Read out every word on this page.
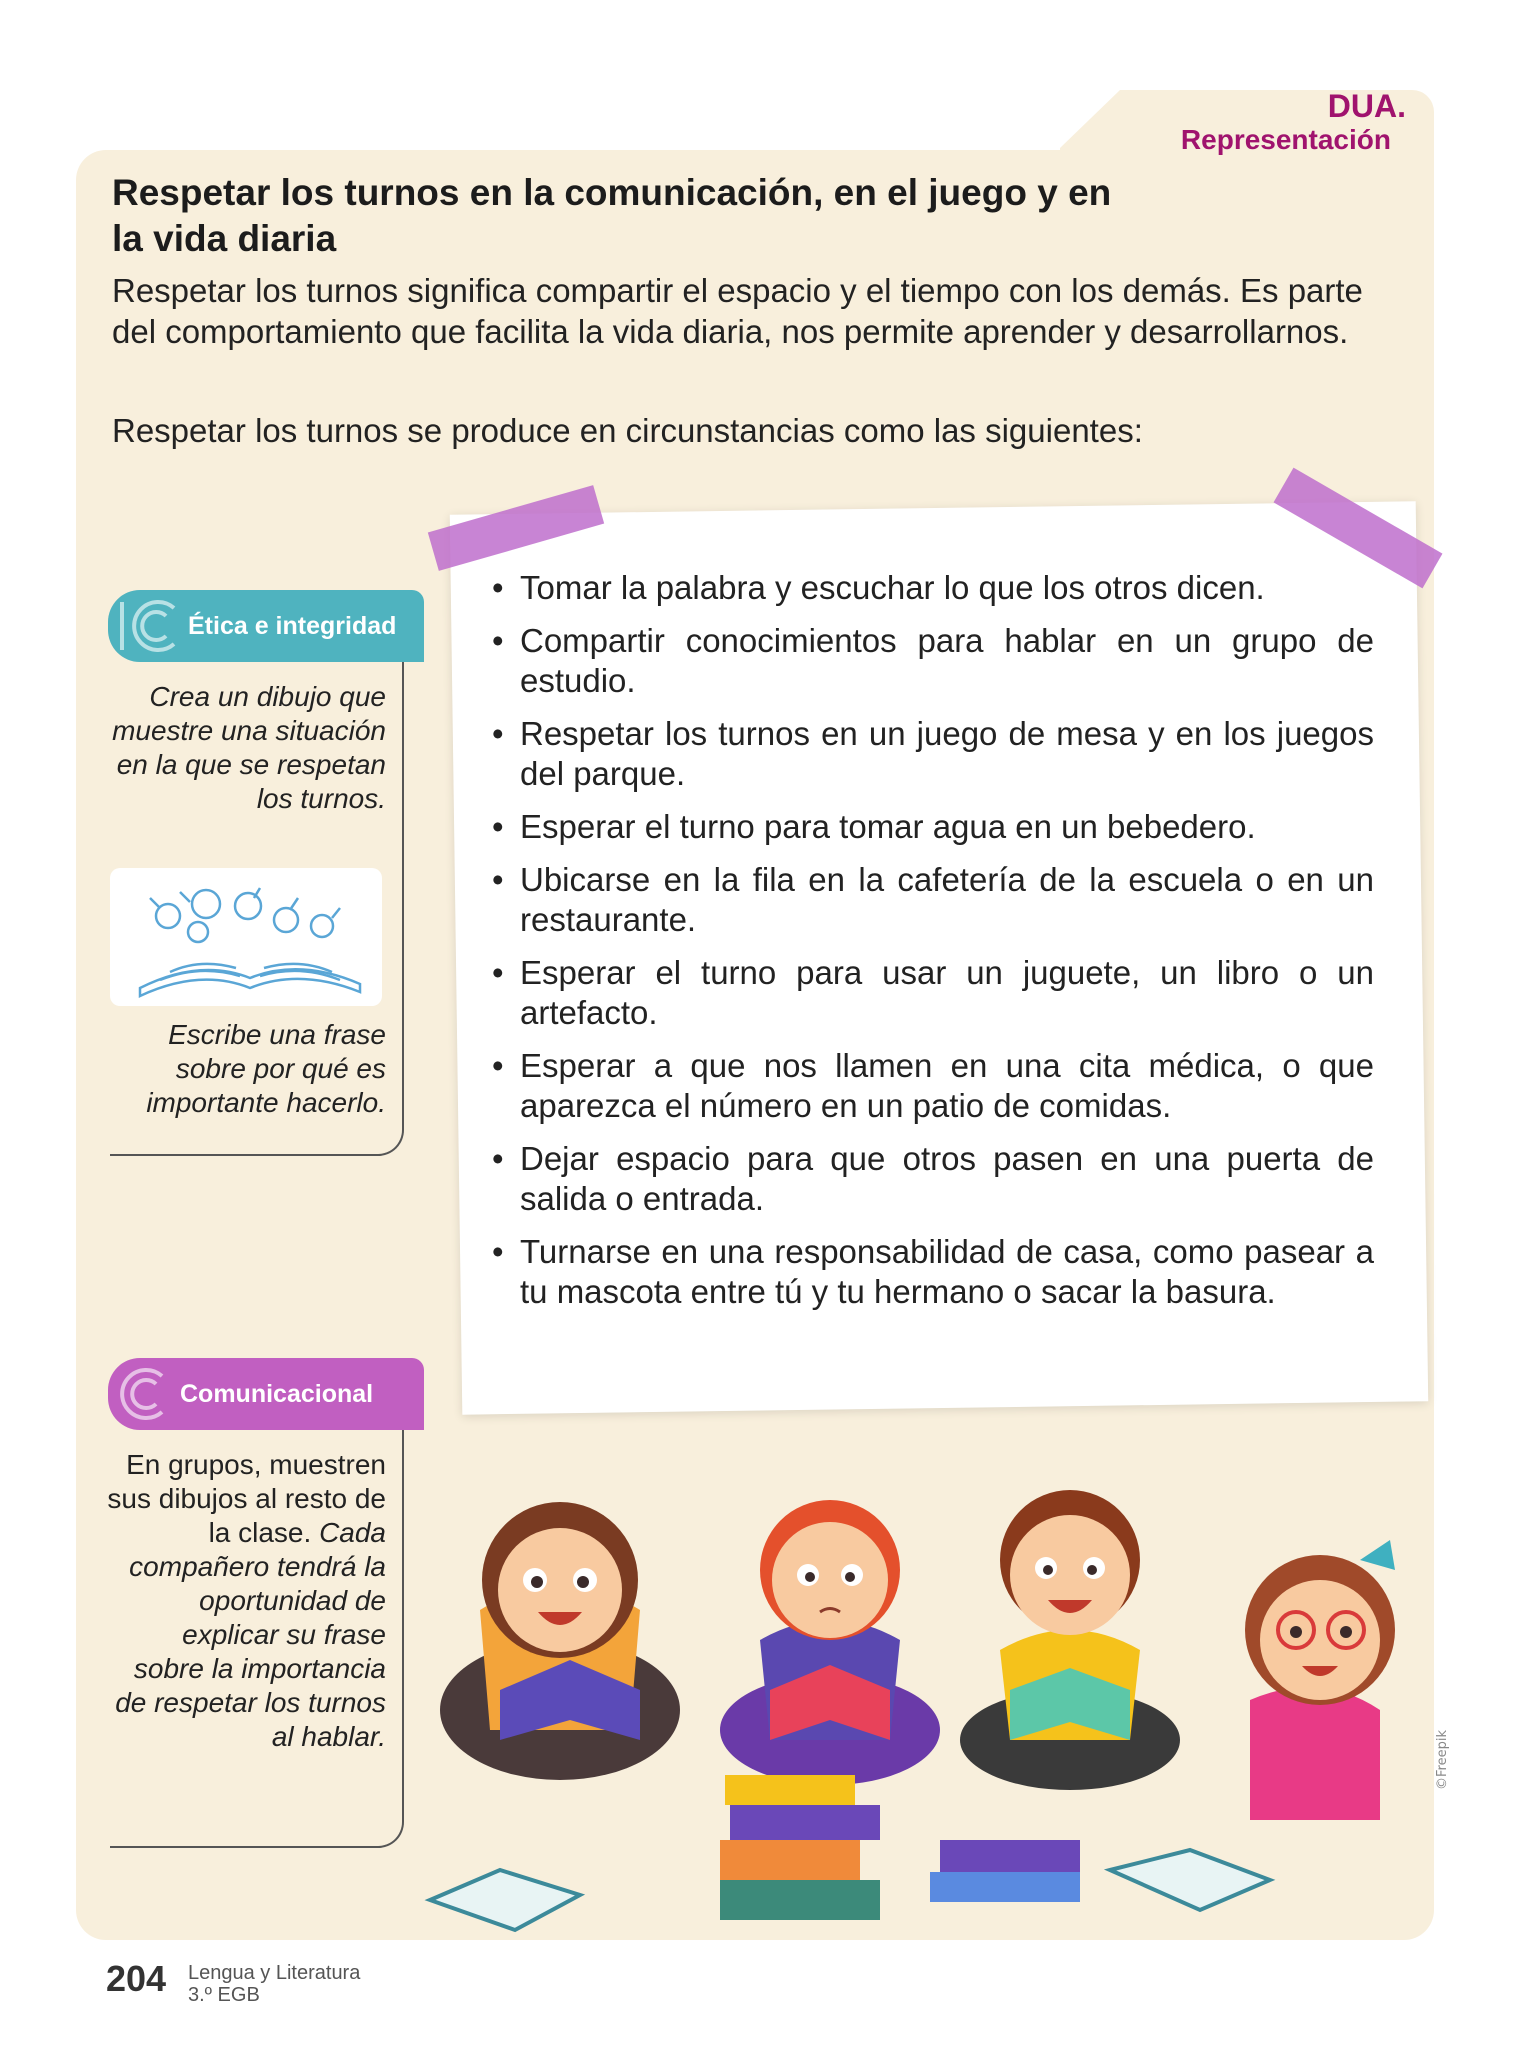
DUA.
Representación
Respetar los turnos en la comunicación, en el juego y en la vida diaria

Respetar los turnos significa compartir el espacio y el tiempo con los demás. Es parte del comportamiento que facilita la vida diaria, nos permite aprender y desarrollarnos.

Respetar los turnos se produce en circunstancias como las siguientes:

Ética e integridad
Crea un dibujo que muestre una situación en la que se respetan los turnos.
Escribe una frase sobre por qué es importante hacerlo.
Comunicacional
En grupos, muestren sus dibujos al resto de la clase. Cada compañero tendrá la oportunidad de explicar su frase sobre la importancia de respetar los turnos al hablar.
• Tomar la palabra y escuchar lo que los otros dicen.
• Compartir conocimientos para hablar en un grupo de estudio.
• Respetar los turnos en un juego de mesa y en los juegos del parque.
• Esperar el turno para tomar agua en un bebedero.
• Ubicarse en la fila en la cafetería de la escuela o en un restaurante.
• Esperar el turno para usar un juguete, un libro o un artefacto.
• Esperar a que nos llamen en una cita médica, o que aparezca el número en un patio de comidas.
• Dejar espacio para que otros pasen en una puerta de salida o entrada.
• Turnarse en una responsabilidad de casa, como pasear a tu mascota entre tú y tu hermano o sacar la basura.
©Freepik
204 Lengua y Literatura
3.º EGB
